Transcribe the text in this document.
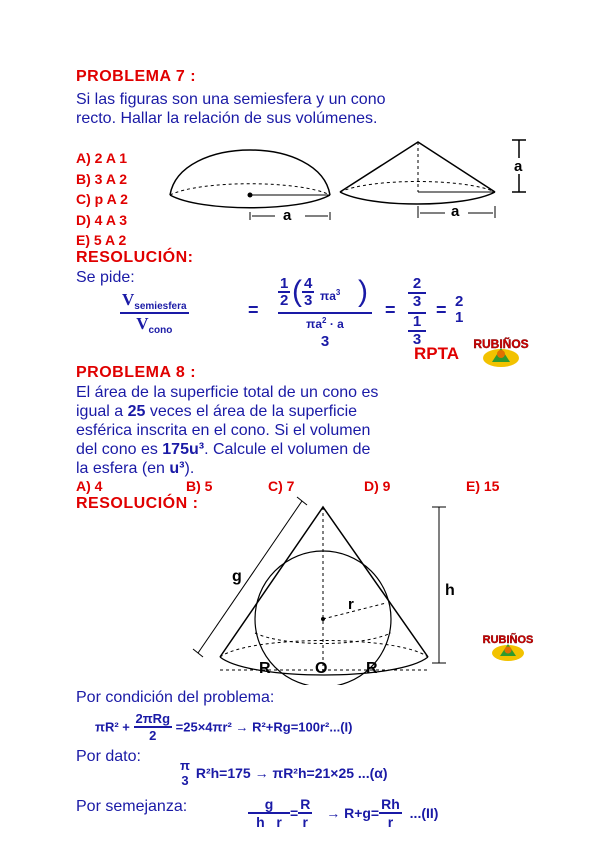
PROBLEMA 7 :
Si las figuras son una semiesfera y un cono
recto. Hallar la relación de sus volúmenes.
A) 2 A 1
B) 3 A 2
C) p A 2
D) 4 A 3
E) 5 A 2
a	a
a
RESOLUCIÓN:
Se pide:
$V_{semiesfera}$
$V_{cono}$
=
$\frac{1}{2}$ ( $\frac{4}{3} \pi a^3$ )
$\pi a^2 \cdot a$
3
=
2
3
1
3
= 2
1
RPTA RUBIÑOS
PROBLEMA 8 :
El área de la superficie total de un cono es
igual a 25 veces el área de la superficie
esférica inscrita en el cono. Si el volumen
del cono es 175u³. Calcule el volumen de
la esfera (en u³).
A) 4	B) 5	C) 7	D) 9	E) 15
RESOLUCIÓN :
g
h
r
R	O R
RUBIÑOS
Por condición del problema:
$\pi R^2 + \frac{\text{2πRg}}{2} =25\times 4\pi r^2 \to R^2+Rg=100r^2...(I)$
Por dato:
π
3 R²h=175 → πR²h=21×25 ...(α)
Por semejanza:	$\frac{g}{\text{h   r}} = \frac{R}{r} \to R+g= \frac{Rh}{r} ...(II)$
